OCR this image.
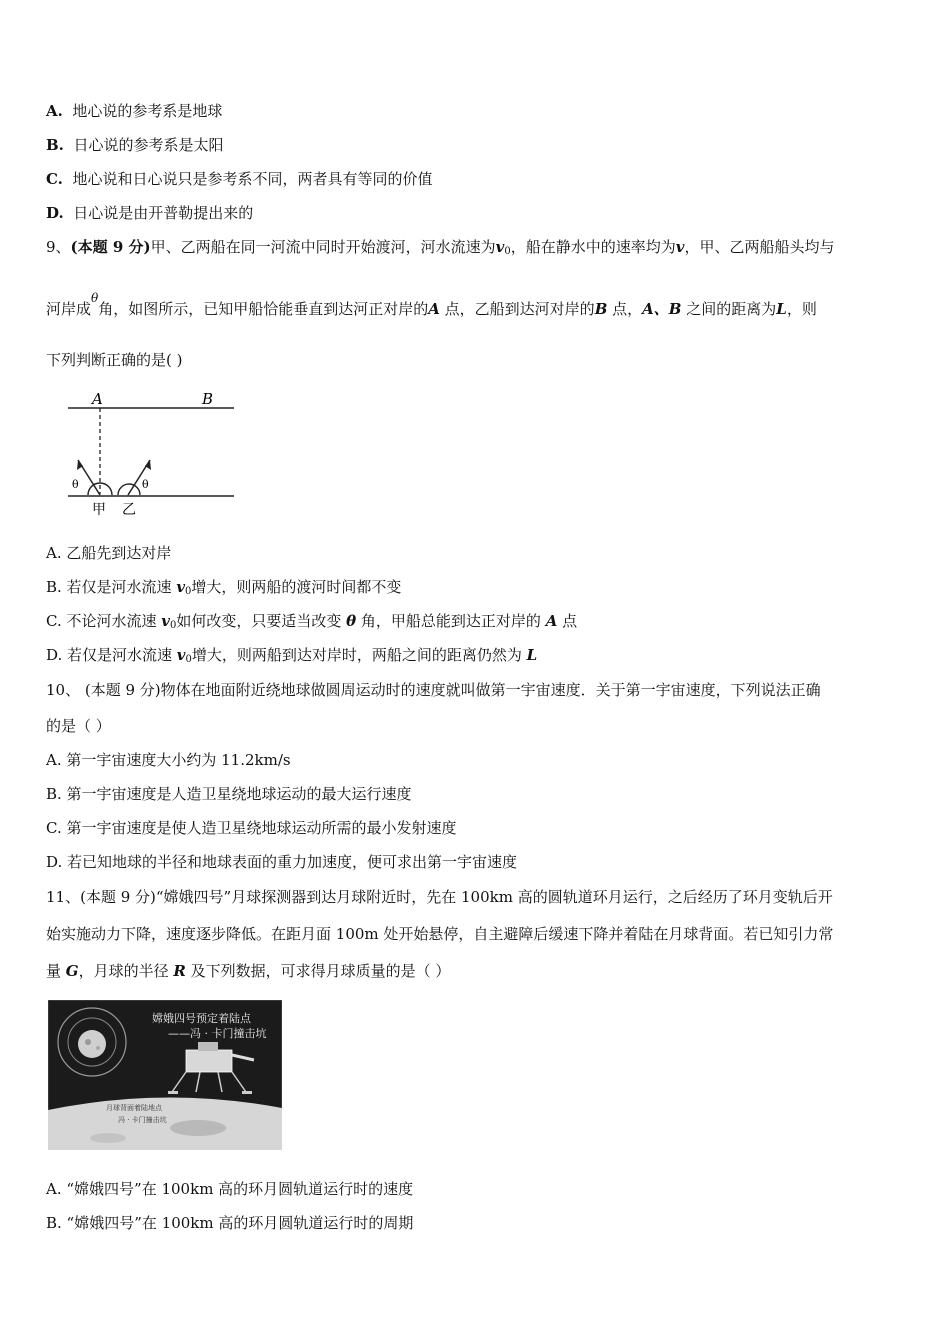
A. 地心说的参考系是地球
B. 日心说的参考系是太阳
C. 地心说和日心说只是参考系不同，两者具有等同的价值
D. 日心说是由开普勒提出来的
9、(本题 9 分)甲、乙两船在同一河流中同时开始渡河，河水流速为$v_0$，船在静水中的速率均为v，甲、乙两船船头均与
河岸成$^\theta$角，如图所示，已知甲船恰能垂直到达河正对岸的A 点，乙船到达河对岸的B 点，A、B 之间的距离为L，则
下列判断正确的是( )
A	B
θ	θ
甲 乙
A. 乙船先到达对岸
B. 若仅是河水流速 $v_0$增大，则两船的渡河时间都不变
C. 不论河水流速 $v_0$如何改变，只要适当改变 θ 角，甲船总能到达正对岸的 A 点
D. 若仅是河水流速 $v_0$增大，则两船到达对岸时，两船之间的距离仍然为 L
10、 (本题 9 分)物体在地面附近绕地球做圆周运动时的速度就叫做第一宇宙速度．关于第一宇宙速度，下列说法正确
的是（ ）
A. 第一宇宙速度大小约为 11.2km/s
B. 第一宇宙速度是人造卫星绕地球运动的最大运行速度
C. 第一宇宙速度是使人造卫星绕地球运动所需的最小发射速度
D. 若已知地球的半径和地球表面的重力加速度，便可求出第一宇宙速度
11、(本题 9 分)“嫦娥四号”月球探测器到达月球附近时，先在 100km 高的圆轨道环月运行，之后经历了环月变轨后开
始实施动力下降，速度逐步降低。在距月面 100m 处开始悬停，自主避障后缓速下降并着陆在月球背面。若已知引力常
量 G，月球的半径 R 及下列数据，可求得月球质量的是（ ）
嫦娥四号预定着陆点
——冯 · 卡门撞击坑
月球背面着陆地点
冯 · 卡门撞击坑
A. “嫦娥四号”在 100km 高的环月圆轨道运行时的速度
B. “嫦娥四号”在 100km 高的环月圆轨道运行时的周期
